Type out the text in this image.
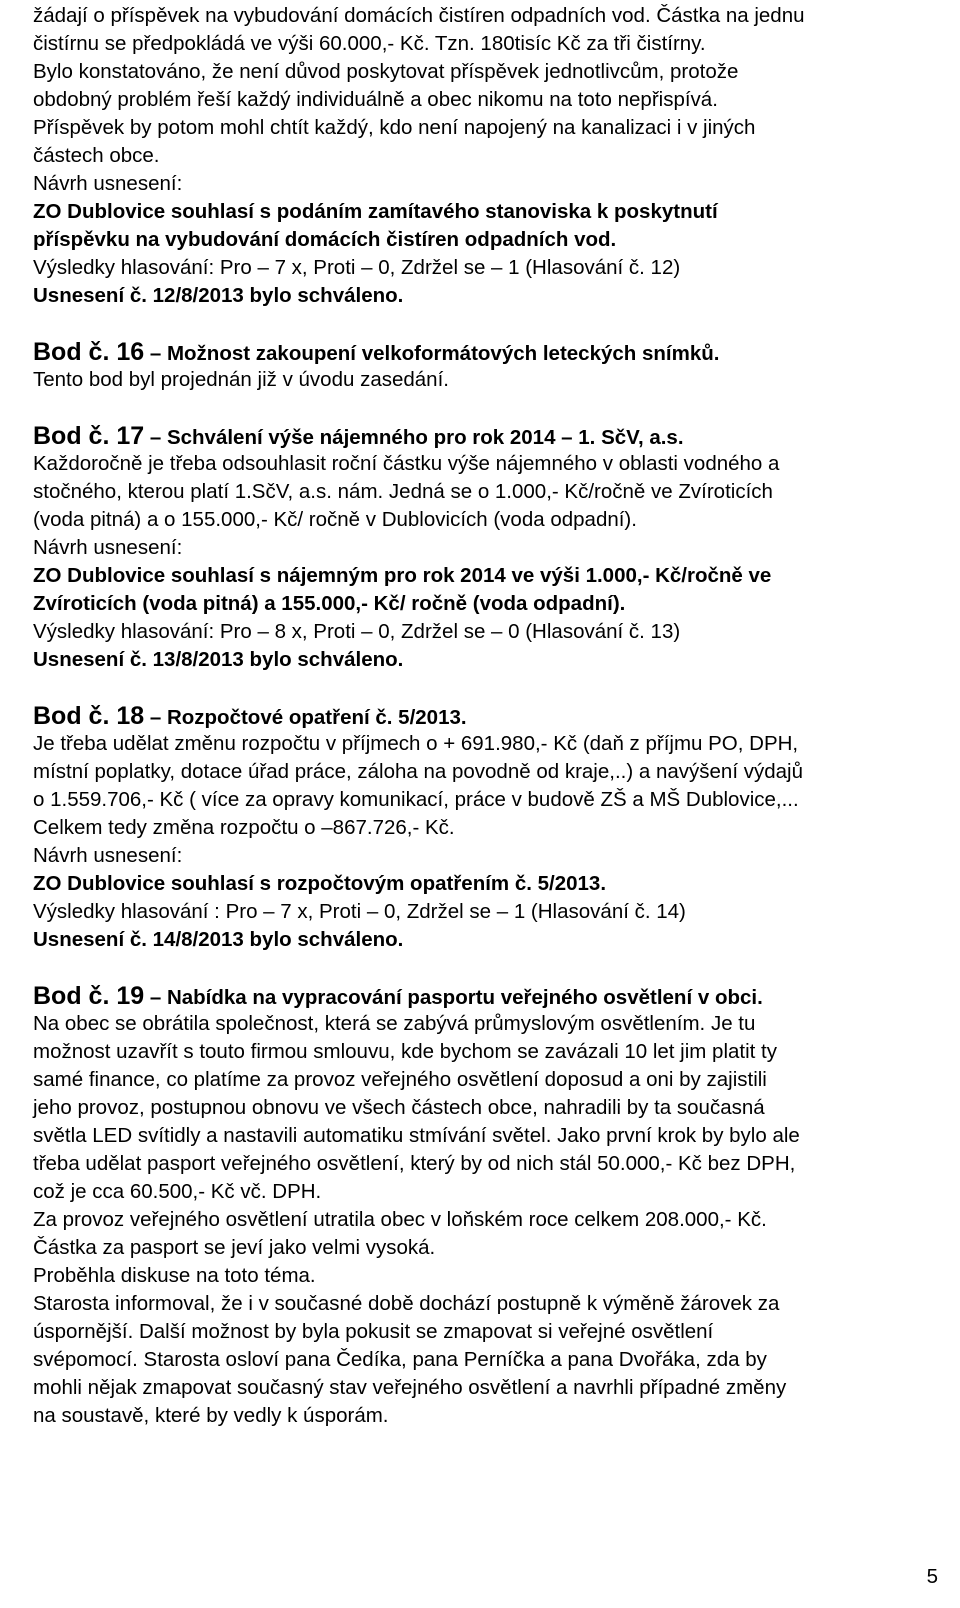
žádají o příspěvek na vybudování domácích čistíren odpadních vod. Částka na jednu
čistírnu se předpokládá ve výši 60.000,- Kč. Tzn. 180tisíc Kč za tři čistírny.
Bylo konstatováno, že není důvod poskytovat příspěvek jednotlivcům, protože
obdobný problém řeší každý individuálně a obec nikomu na toto nepřispívá.
Příspěvek by potom mohl chtít každý, kdo není napojený na kanalizaci i v jiných
částech obce.
Návrh usnesení:
ZO Dublovice souhlasí s podáním zamítavého stanoviska k poskytnutí
příspěvku na vybudování domácích čistíren odpadních vod.
Výsledky hlasování: Pro – 7 x, Proti – 0, Zdržel se – 1 (Hlasování č. 12)
Usnesení č. 12/8/2013 bylo schváleno.
Bod č. 16 – Možnost zakoupení velkoformátových leteckých snímků.
Tento bod byl projednán již v úvodu zasedání.
Bod č. 17 – Schválení výše nájemného pro rok 2014 – 1. SčV, a.s.
Každoročně je třeba odsouhlasit roční částku výše nájemného v oblasti vodného a
stočného, kterou platí 1.SčV, a.s. nám. Jedná se o 1.000,- Kč/ročně ve Zvíroticích
(voda pitná) a o 155.000,- Kč/ ročně v Dublovicích (voda odpadní).
Návrh usnesení:
ZO Dublovice souhlasí s nájemným pro rok 2014 ve výši 1.000,- Kč/ročně ve
Zvíroticích (voda pitná) a 155.000,- Kč/ ročně (voda odpadní).
Výsledky hlasování: Pro – 8 x, Proti – 0, Zdržel se – 0 (Hlasování č. 13)
Usnesení č. 13/8/2013 bylo schváleno.
Bod č. 18 – Rozpočtové opatření č. 5/2013.
Je třeba udělat změnu rozpočtu v příjmech o + 691.980,- Kč (daň z příjmu PO, DPH,
místní poplatky, dotace úřad práce, záloha na povodně od kraje,..) a navýšení výdajů
o 1.559.706,- Kč ( více za opravy komunikací, práce v budově ZŠ a MŠ Dublovice,...
Celkem tedy změna rozpočtu o –867.726,- Kč.
Návrh usnesení:
ZO Dublovice souhlasí s rozpočtovým opatřením č. 5/2013.
Výsledky hlasování : Pro – 7 x, Proti – 0, Zdržel se – 1 (Hlasování č. 14)
Usnesení č. 14/8/2013 bylo schváleno.
Bod č. 19 – Nabídka na vypracování pasportu veřejného osvětlení v obci.
Na obec se obrátila společnost, která se zabývá průmyslovým osvětlením. Je tu
možnost uzavřít s touto firmou smlouvu, kde bychom se zavázali 10 let jim platit ty
samé finance, co platíme za provoz veřejného osvětlení doposud a oni by zajistili
jeho provoz, postupnou obnovu ve všech částech obce, nahradili by ta současná
světla LED svítidly a nastavili automatiku stmívání světel. Jako první krok by bylo ale
třeba udělat pasport veřejného osvětlení, který by od nich stál 50.000,- Kč bez DPH,
což je cca 60.500,- Kč vč. DPH.
Za provoz veřejného osvětlení utratila obec v loňském roce celkem 208.000,- Kč.
Částka za pasport se jeví jako velmi vysoká.
Proběhla diskuse na toto téma.
Starosta informoval, že i v současné době dochází postupně k výměně žárovek za
úspornější. Další možnost by byla pokusit se zmapovat si veřejné osvětlení
svépomocí. Starosta osloví pana Čedíka, pana Perníčka a pana Dvořáka, zda by
mohli nějak zmapovat současný stav veřejného osvětlení a navrhli případné změny
na soustavě, které by vedly k úsporám.
5
